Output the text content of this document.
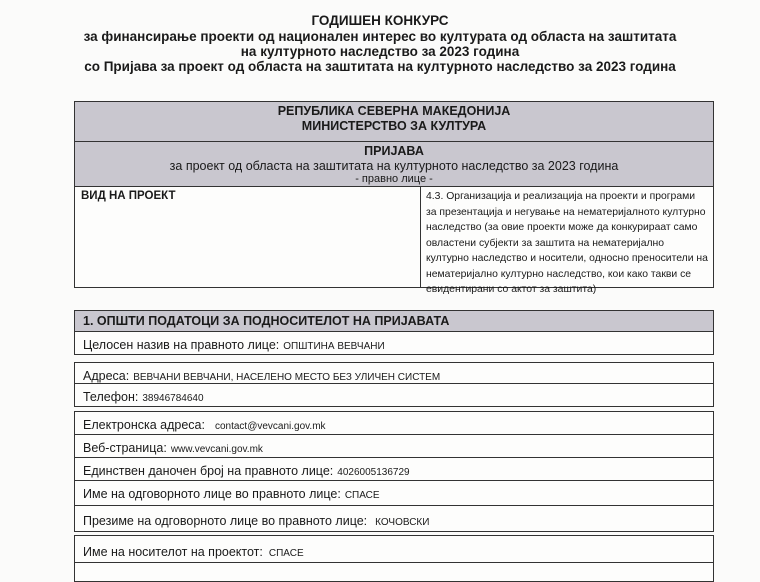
ГОДИШЕН КОНКУРС
за финансирање проекти од национален интерес во културата од областа на заштитата
на културното наследство за 2023 година
со Пријава за проект од областа на заштитата на културното наследство за 2023 година
РЕПУБЛИКА СЕВЕРНА МАКЕДОНИЈА
МИНИСТЕРСТВО ЗА КУЛТУРА
ПРИЈАВА
за проект од областа на заштитата на културното наследство за 2023 година
- правно лице -
ВИД НА ПРОЕКТ	4.3. Организација и реализација на проекти и програми за презентација и негување на нематеријалното културно наследство (за овие проекти може да конкурираат само овластени субјекти за заштита на нематеријално културно наследство и носители, односно преносители на нематеријално културно наследство, кои како такви се евидентирани со актот за заштита)
1. ОПШТИ ПОДАТОЦИ ЗА ПОДНОСИТЕЛОТ НА ПРИЈАВАТА
Целосен назив на правното лице: ОПШТИНА ВЕВЧАНИ
Адреса: ВЕВЧАНИ ВЕВЧАНИ, НАСЕЛЕНО МЕСТО БЕЗ УЛИЧЕН СИСТЕМ
Телефон: 38946784640
Електронска адреса: contact@vevcani.gov.mk
Веб-страница: www.vevcani.gov.mk
Единствен даночен број на правното лице: 4026005136729
Име на одговорното лице во правното лице: СПАСЕ
Презиме на одговорното лице во правното лице: КОЧОВСКИ
Име на носителот на проектот: СПАСЕ
